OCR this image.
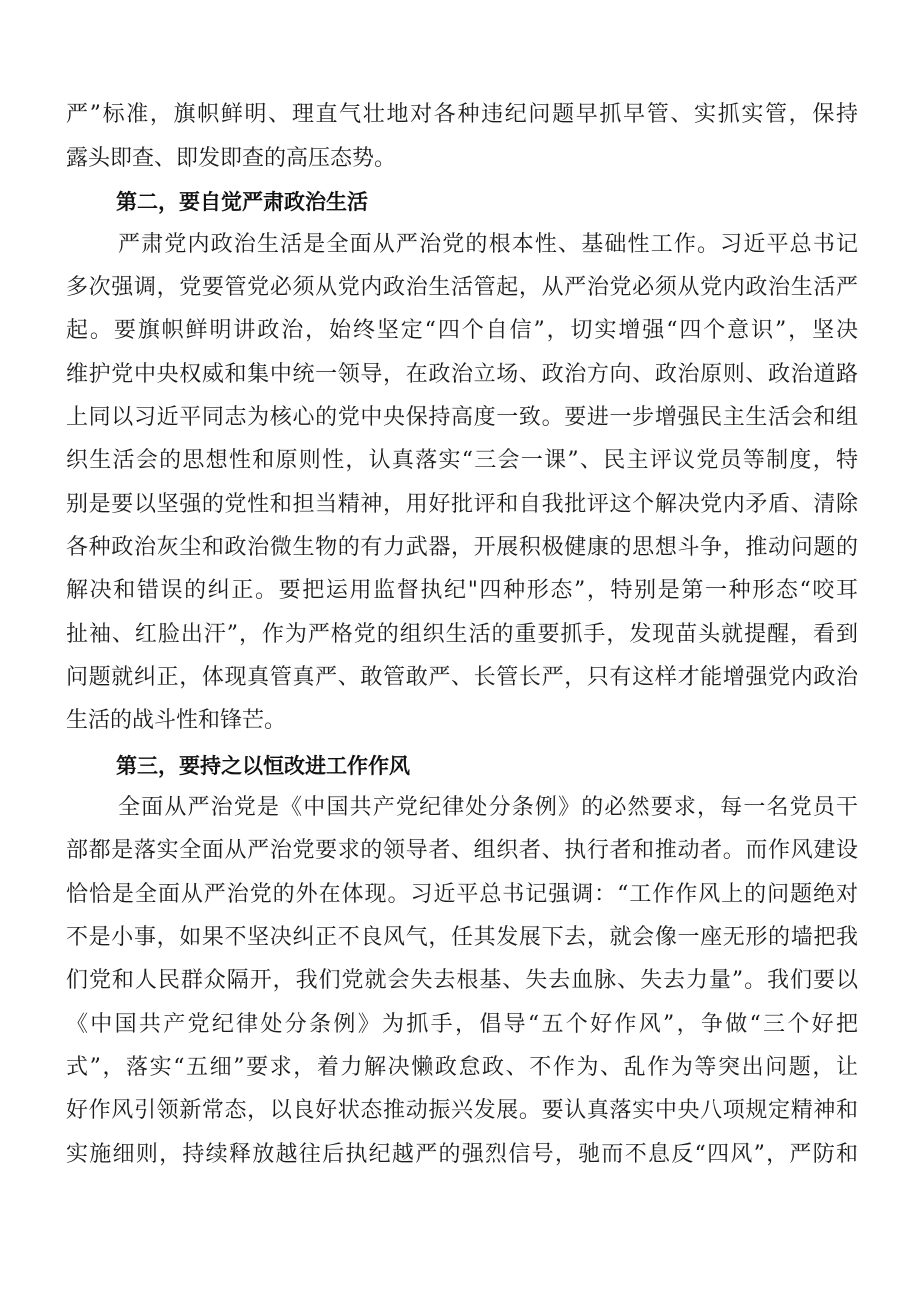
严”标准，旗帜鲜明、理直气壮地对各种违纪问题早抓早管、实抓实管，保持
露头即查、即发即查的高压态势。
第二，要自觉严肃政治生活
严肃党内政治生活是全面从严治党的根本性、基础性工作。习近平总书记
多次强调，党要管党必须从党内政治生活管起，从严治党必须从党内政治生活严
起。要旗帜鲜明讲政治，始终坚定“四个自信”，切实增强“四个意识”，坚决
维护党中央权威和集中统一领导，在政治立场、政治方向、政治原则、政治道路
上同以习近平同志为核心的党中央保持高度一致。要进一步增强民主生活会和组
织生活会的思想性和原则性，认真落实“三会一课”、民主评议党员等制度，特
别是要以坚强的党性和担当精神，用好批评和自我批评这个解决党内矛盾、清除
各种政治灰尘和政治微生物的有力武器，开展积极健康的思想斗争，推动问题的
解决和错误的纠正。要把运用监督执纪"四种形态”，特别是第一种形态“咬耳
扯袖、红脸出汗”，作为严格党的组织生活的重要抓手，发现苗头就提醒，看到
问题就纠正，体现真管真严、敢管敢严、长管长严，只有这样才能增强党内政治
生活的战斗性和锋芒。
第三，要持之以恒改进工作作风
全面从严治党是《中国共产党纪律处分条例》的必然要求，每一名党员干
部都是落实全面从严治党要求的领导者、组织者、执行者和推动者。而作风建设
恰恰是全面从严治党的外在体现。习近平总书记强调：“工作作风上的问题绝对
不是小事，如果不坚决纠正不良风气，任其发展下去，就会像一座无形的墙把我
们党和人民群众隔开，我们党就会失去根基、失去血脉、失去力量”。我们要以
《中国共产党纪律处分条例》为抓手，倡导“五个好作风”，争做“三个好把
式”，落实“五细”要求，着力解决懒政怠政、不作为、乱作为等突出问题，让
好作风引领新常态，以良好状态推动振兴发展。要认真落实中央八项规定精神和
实施细则，持续释放越往后执纪越严的强烈信号，驰而不息反“四风”，严防和
